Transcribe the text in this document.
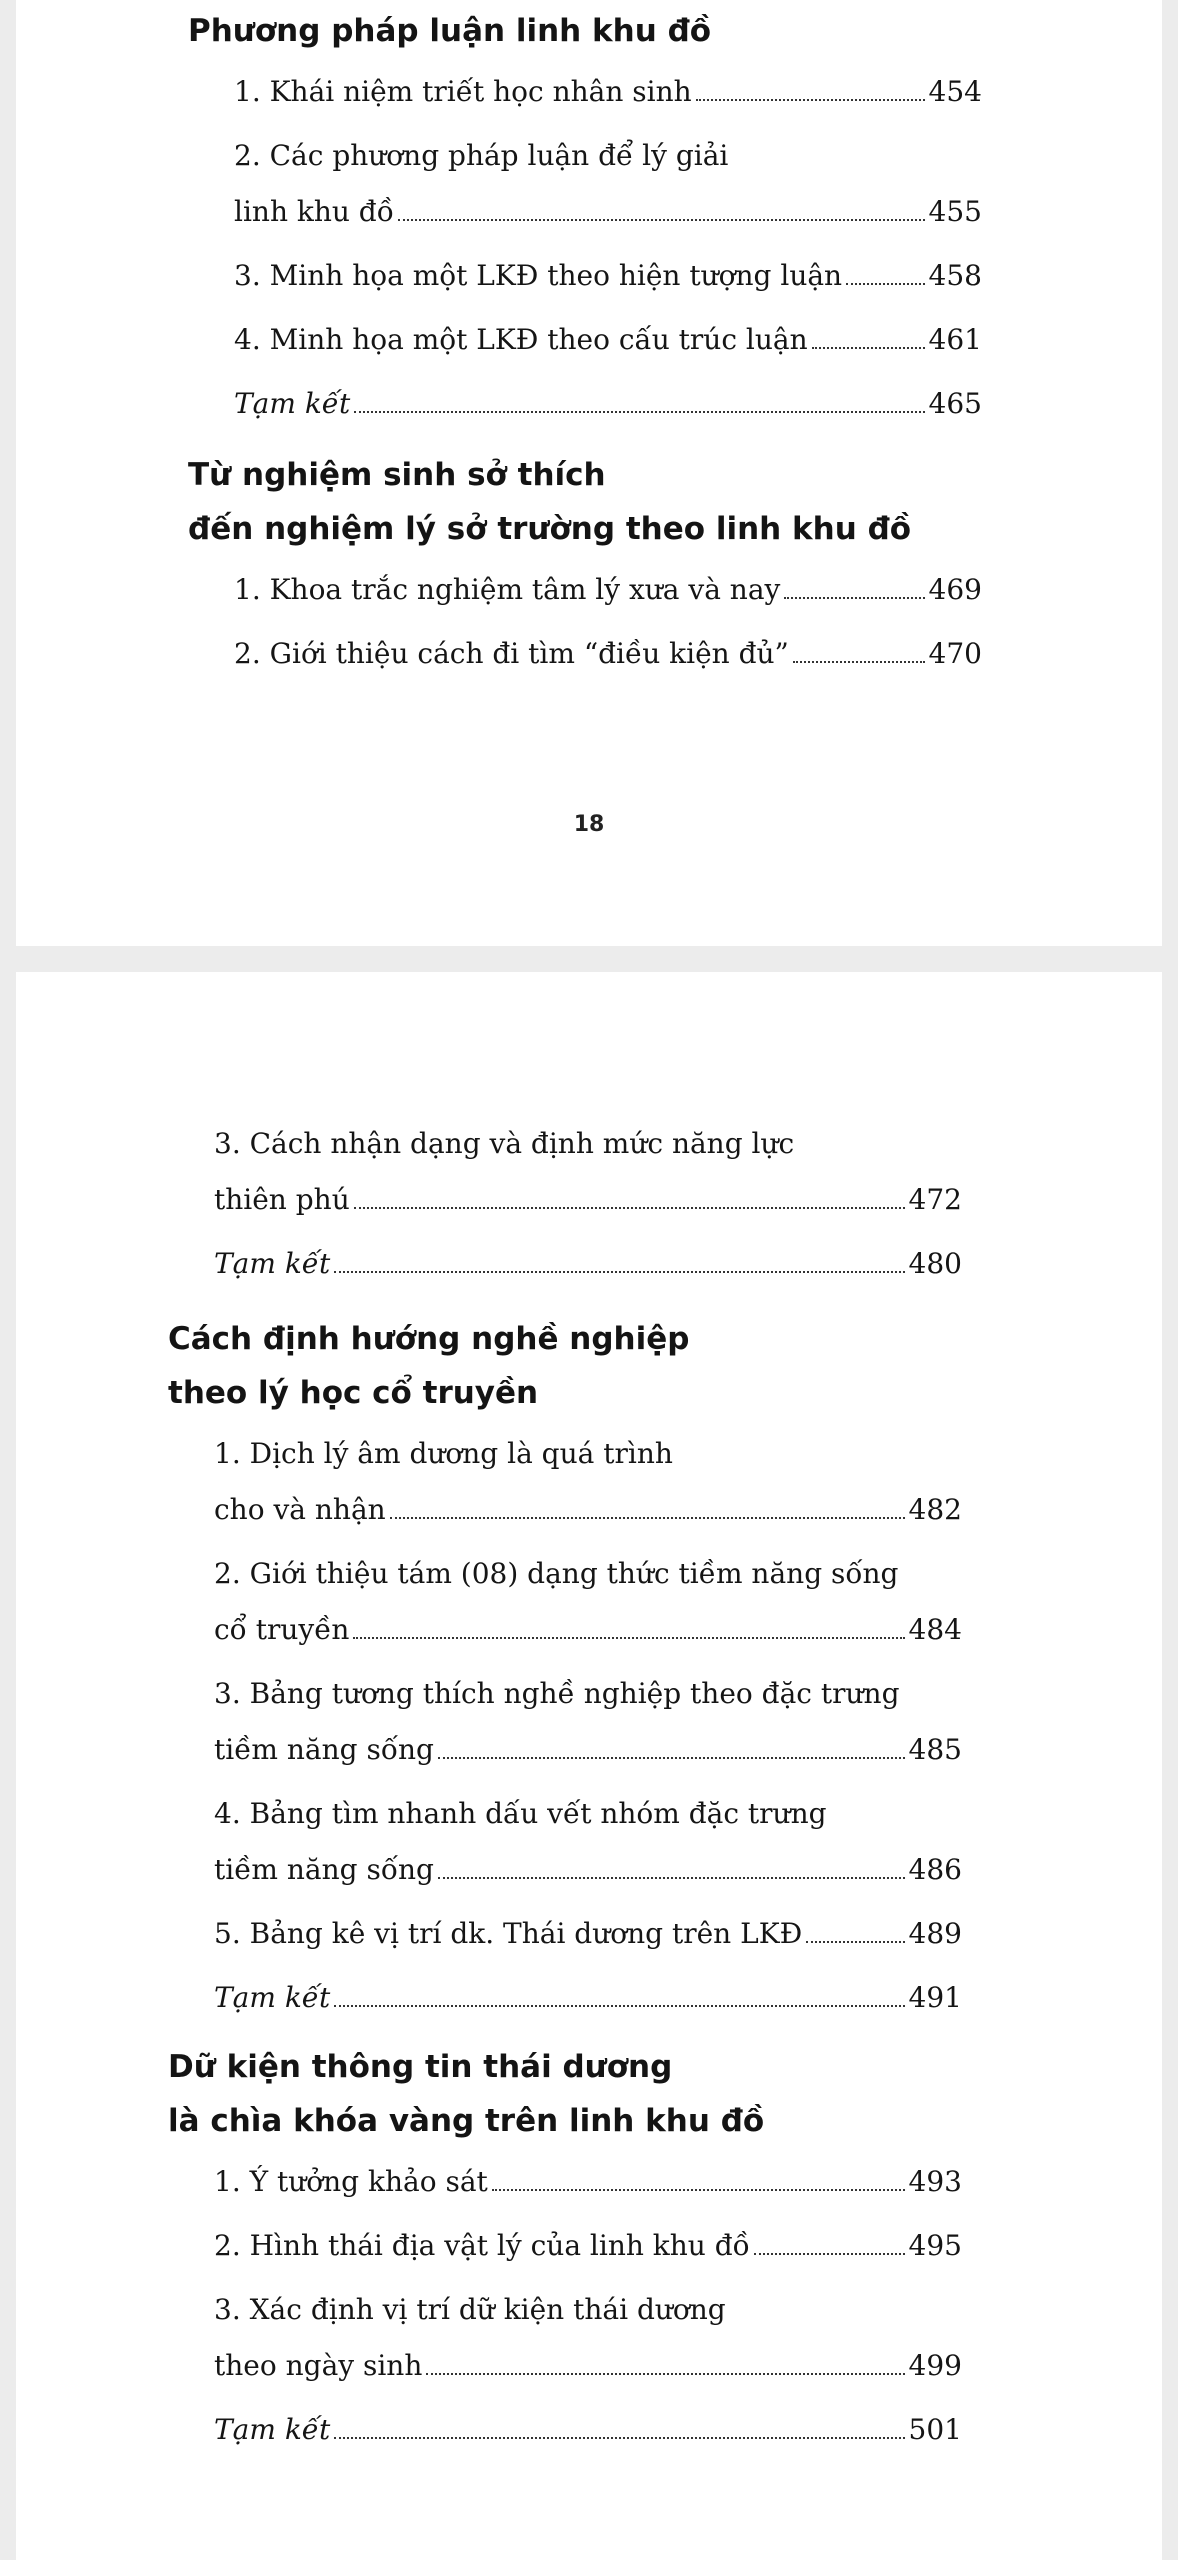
Phương pháp luận linh khu đồ
1. Khái niệm triết học nhân sinh	454
2. Các phương pháp luận để lý giải
linh khu đồ	455
3. Minh họa một LKĐ theo hiện tượng luận	458
4. Minh họa một LKĐ theo cấu trúc luận	461
Tạm kết	465
Từ nghiệm sinh sở thích
đến nghiệm lý sở trường theo linh khu đồ
1. Khoa trắc nghiệm tâm lý xưa và nay	469
2. Giới thiệu cách đi tìm “điều kiện đủ”	470
18
3. Cách nhận dạng và định mức năng lực
thiên phú	472
Tạm kết	480
Cách định hướng nghề nghiệp
theo lý học cổ truyền
1. Dịch lý âm dương là quá trình
cho và nhận	482
2. Giới thiệu tám (08) dạng thức tiềm năng sống
cổ truyền	484
3. Bảng tương thích nghề nghiệp theo đặc trưng
tiềm năng sống	485
4. Bảng tìm nhanh dấu vết nhóm đặc trưng
tiềm năng sống	486
5. Bảng kê vị trí dk. Thái dương trên LKĐ	489
Tạm kết	491
Dữ kiện thông tin thái dương
là chìa khóa vàng trên linh khu đồ
1. Ý tưởng khảo sát	493
2. Hình thái địa vật lý của linh khu đồ	495
3. Xác định vị trí dữ kiện thái dương
theo ngày sinh	499
Tạm kết	501
